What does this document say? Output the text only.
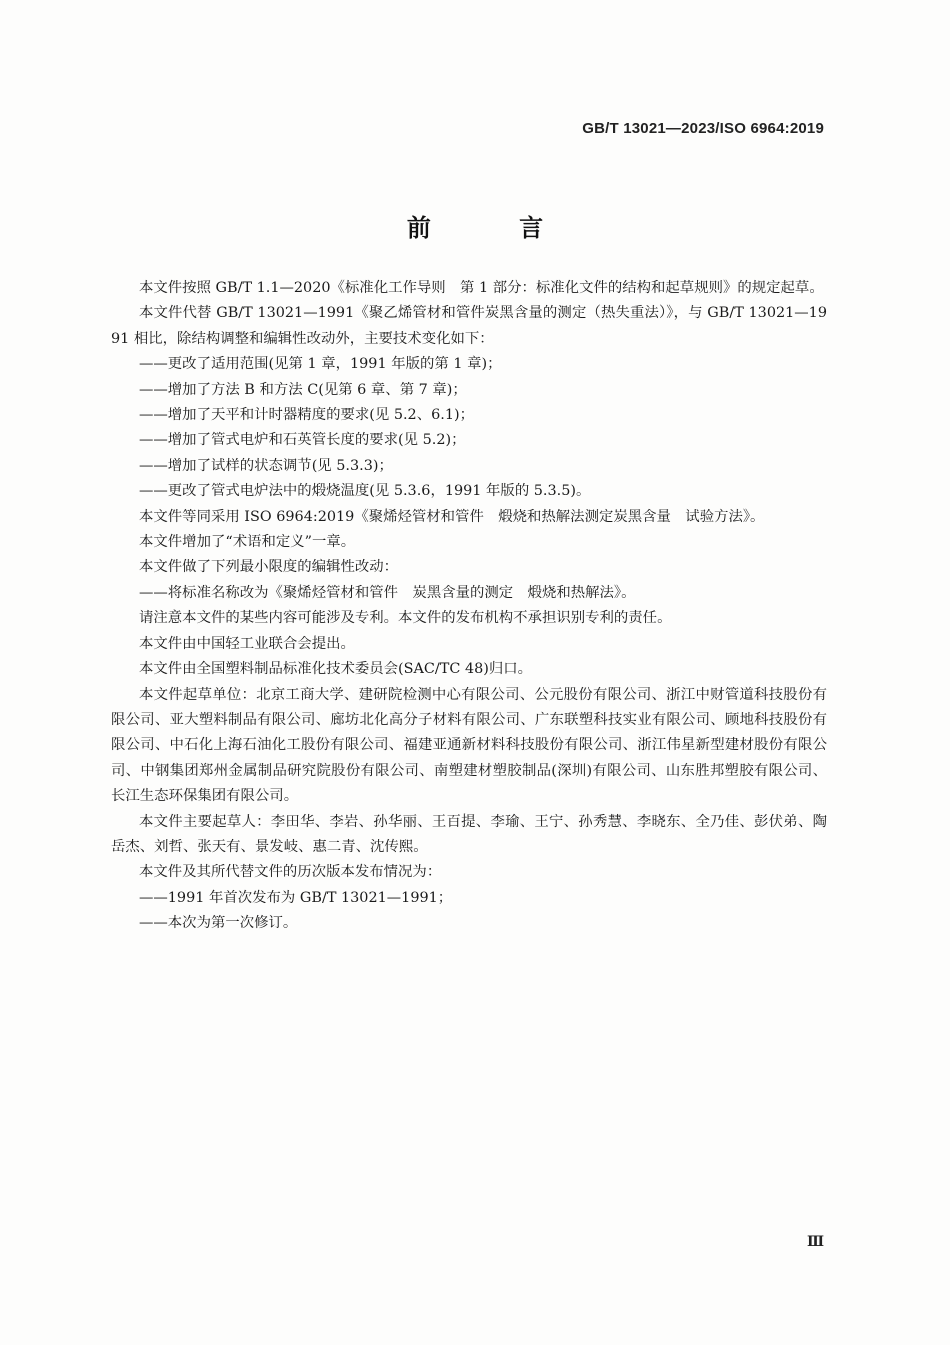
GB/T 13021—2023/ISO 6964:2019
前 言

本文件按照 GB/T 1.1—2020《标准化工作导则　第 1 部分：标准化文件的结构和起草规则》的规定起草。

本文件代替 GB/T 13021—1991《聚乙烯管材和管件炭黑含量的测定（热失重法）》，与 GB/T 13021—1991 相比，除结构调整和编辑性改动外，主要技术变化如下：

——更改了适用范围(见第 1 章，1991 年版的第 1 章)；

——增加了方法 B 和方法 C(见第 6 章、第 7 章)；

——增加了天平和计时器精度的要求(见 5.2、6.1)；

——增加了管式电炉和石英管长度的要求(见 5.2)；

——增加了试样的状态调节(见 5.3.3)；

——更改了管式电炉法中的煅烧温度(见 5.3.6，1991 年版的 5.3.5)。

本文件等同采用 ISO 6964:2019《聚烯烃管材和管件　煅烧和热解法测定炭黑含量　试验方法》。

本文件增加了“术语和定义”一章。

本文件做了下列最小限度的编辑性改动：

——将标准名称改为《聚烯烃管材和管件　炭黑含量的测定　煅烧和热解法》。

请注意本文件的某些内容可能涉及专利。本文件的发布机构不承担识别专利的责任。

本文件由中国轻工业联合会提出。

本文件由全国塑料制品标准化技术委员会(SAC/TC 48)归口。

本文件起草单位：北京工商大学、建研院检测中心有限公司、公元股份有限公司、浙江中财管道科技股份有限公司、亚大塑料制品有限公司、廊坊北化高分子材料有限公司、广东联塑科技实业有限公司、顾地科技股份有限公司、中石化上海石油化工股份有限公司、福建亚通新材料科技股份有限公司、浙江伟星新型建材股份有限公司、中钢集团郑州金属制品研究院股份有限公司、南塑建材塑胶制品(深圳)有限公司、山东胜邦塑胶有限公司、长江生态环保集团有限公司。

本文件主要起草人：李田华、李岩、孙华丽、王百提、李瑜、王宁、孙秀慧、李晓东、全乃佳、彭伏弟、陶岳杰、刘哲、张天有、景发岐、惠二青、沈传熙。

本文件及其所代替文件的历次版本发布情况为：

——1991 年首次发布为 GB/T 13021—1991；

——本次为第一次修订。

Ⅲ
